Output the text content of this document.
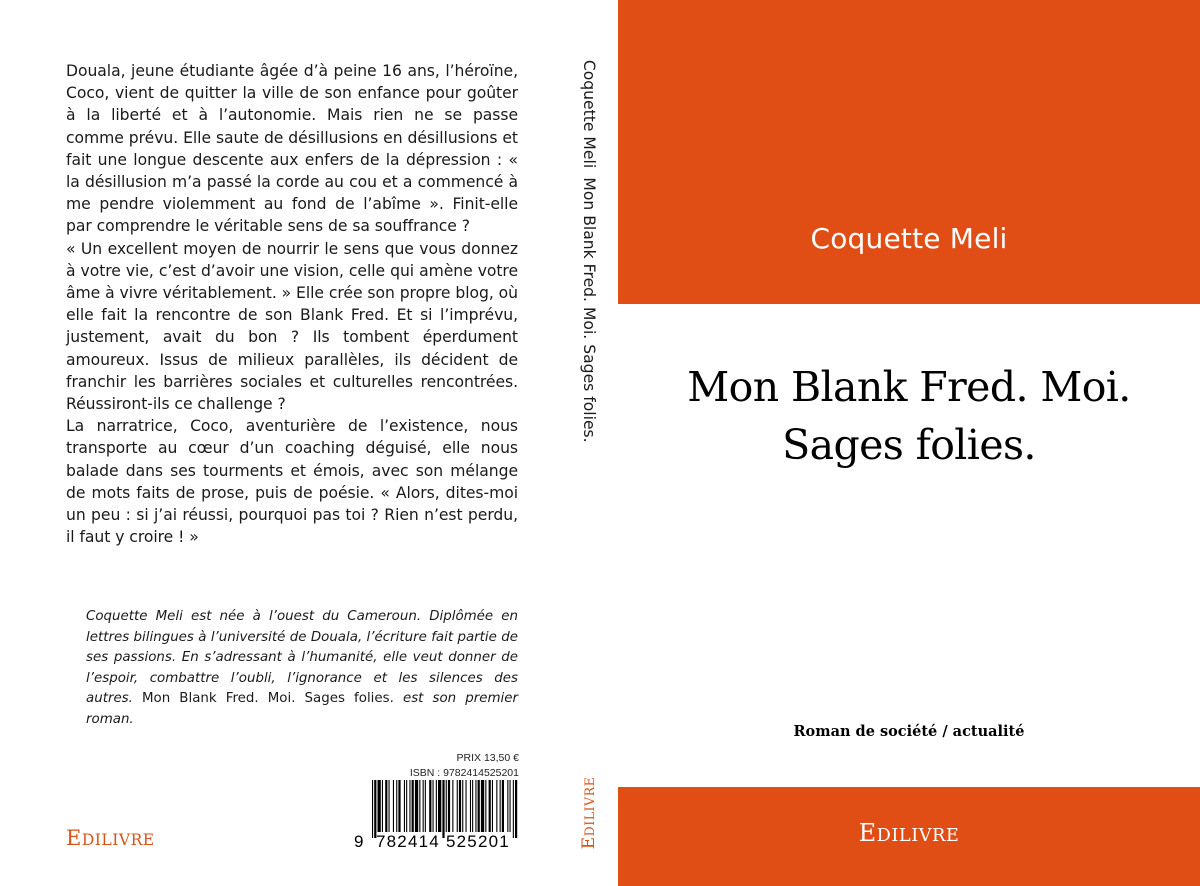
Douala, jeune étudiante âgée d’à peine 16 ans, l’héroïne, Coco, vient de quitter la ville de son enfance pour goûter à la liberté et à l’autonomie. Mais rien ne se passe comme prévu. Elle saute de désillusions en désillusions et fait une longue descente aux enfers de la dépression : « la désillusion m’a passé la corde au cou et a commencé à me pendre violemment au fond de l’abîme ». Finit-elle par comprendre le véritable sens de sa souffrance ?

« Un excellent moyen de nourrir le sens que vous donnez à votre vie, c’est d’avoir une vision, celle qui amène votre âme à vivre véritablement. » Elle crée son propre blog, où elle fait la rencontre de son Blank Fred. Et si l’imprévu, justement, avait du bon ? Ils tombent éperdument amoureux. Issus de milieux parallèles, ils décident de franchir les barrières sociales et culturelles rencontrées. Réussiront-ils ce challenge ?

La narratrice, Coco, aventurière de l’existence, nous transporte au cœur d’un coaching déguisé, elle nous balade dans ses tourments et émois, avec son mélange de mots faits de prose, puis de poésie. « Alors, dites-moi un peu : si j’ai réussi, pourquoi pas toi ? Rien n’est perdu, il faut y croire ! »

Coquette Meli est née à l’ouest du Cameroun. Diplômée en lettres bilingues à l’université de Douala, l’écriture fait partie de ses passions. En s’adressant à l’humanité, elle veut donner de l’espoir, combattre l’oubli, l’ignorance et les silences des autres. Mon Blank Fred. Moi. Sages folies. est son premier roman.
PRIX 13,50 €
ISBN : 9782414525201
9 782414 525201
EDILIVRE
Coquette Meli
Mon Blank Fred. Moi. Sages folies.
EDILIVRE
Coquette Meli
Mon Blank Fred. Moi.
Sages folies.
Roman de société / actualité
EDILIVRE
